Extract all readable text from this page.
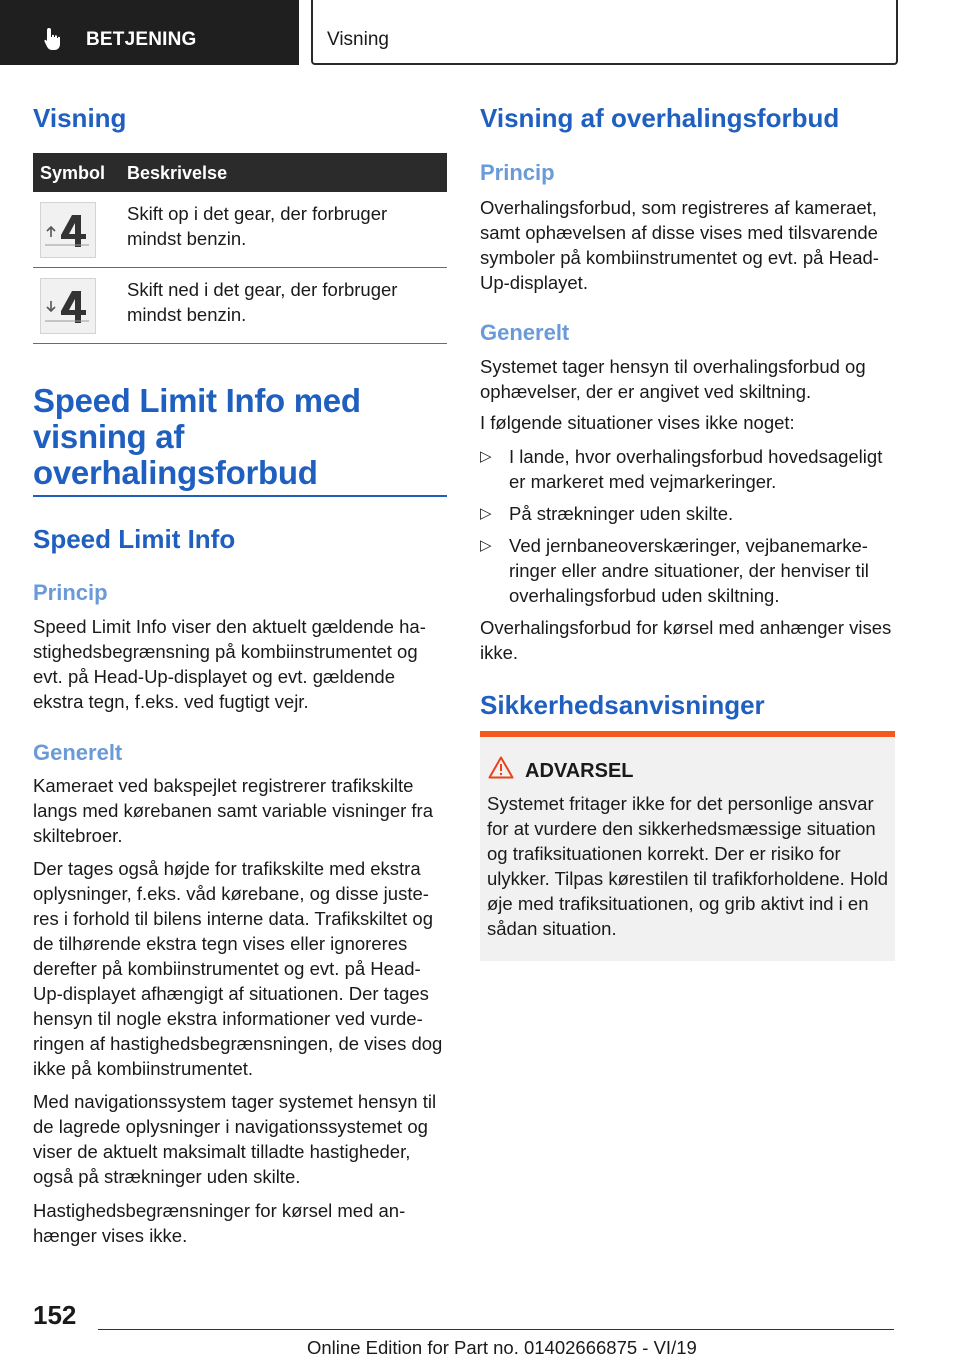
BETJENING	Visning
Visning
Symbol Beskrivelse
Skift op i det gear, der forbruger mindst benzin.
Skift ned i det gear, der forbruger mindst benzin.
Speed Limit Info med visning af overhalingsforbud
Speed Limit Info
Princip
Speed Limit Info viser den aktuelt gældende hastighedsbegrænsning på kombiinstrumentet og evt. på Head-Up-displayet og evt. gældende ekstra tegn, f.eks. ved fugtigt vejr.
Generelt
Kameraet ved bakspejlet registrerer trafikskilte langs med kørebanen samt variable visninger fra skiltebroer.
Der tages også højde for trafikskilte med ekstra oplysninger, f.eks. våd kørebane, og disse justeres i forhold til bilens interne data. Trafikskiltet og de tilhørende ekstra tegn vises eller ignoreres derefter på kombiinstrumentet og evt. på Head-Up-displayet afhængigt af situationen. Der tages hensyn til nogle ekstra informationer ved vurderingen af hastighedsbegrænsningen, de vises dog ikke på kombiinstrumentet.
Med navigationssystem tager systemet hensyn til de lagrede oplysninger i navigationssystemet og viser de aktuelt maksimalt tilladte hastigheder, også på strækninger uden skilte.
Hastighedsbegrænsninger for kørsel med anhænger vises ikke.
Visning af overhalingsforbud
Princip
Overhalingsforbud, som registreres af kameraet, samt ophævelsen af disse vises med tilsvarende symboler på kombiinstrumentet og evt. på Head-Up-displayet.
Generelt
Systemet tager hensyn til overhalingsforbud og ophævelser, der er angivet ved skiltning.
I følgende situationer vises ikke noget:
▷ I lande, hvor overhalingsforbud hovedsageligt er markeret med vejmarkeringer.
▷ På strækninger uden skilte.
▷ Ved jernbaneoverskæringer, vejbanemarkeringer eller andre situationer, der henviser til overhalingsforbud uden skiltning.
Overhalingsforbud for kørsel med anhænger vises ikke.
Sikkerhedsanvisninger
ADVARSEL
Systemet fritager ikke for det personlige ansvar for at vurdere den sikkerhedsmæssige situation og trafiksituationen korrekt. Der er risiko for ulykker. Tilpas kørestilen til trafikforholdene. Hold øje med trafiksituationen, og grib aktivt ind i en sådan situation.
152
Online Edition for Part no. 01402666875 - VI/19
